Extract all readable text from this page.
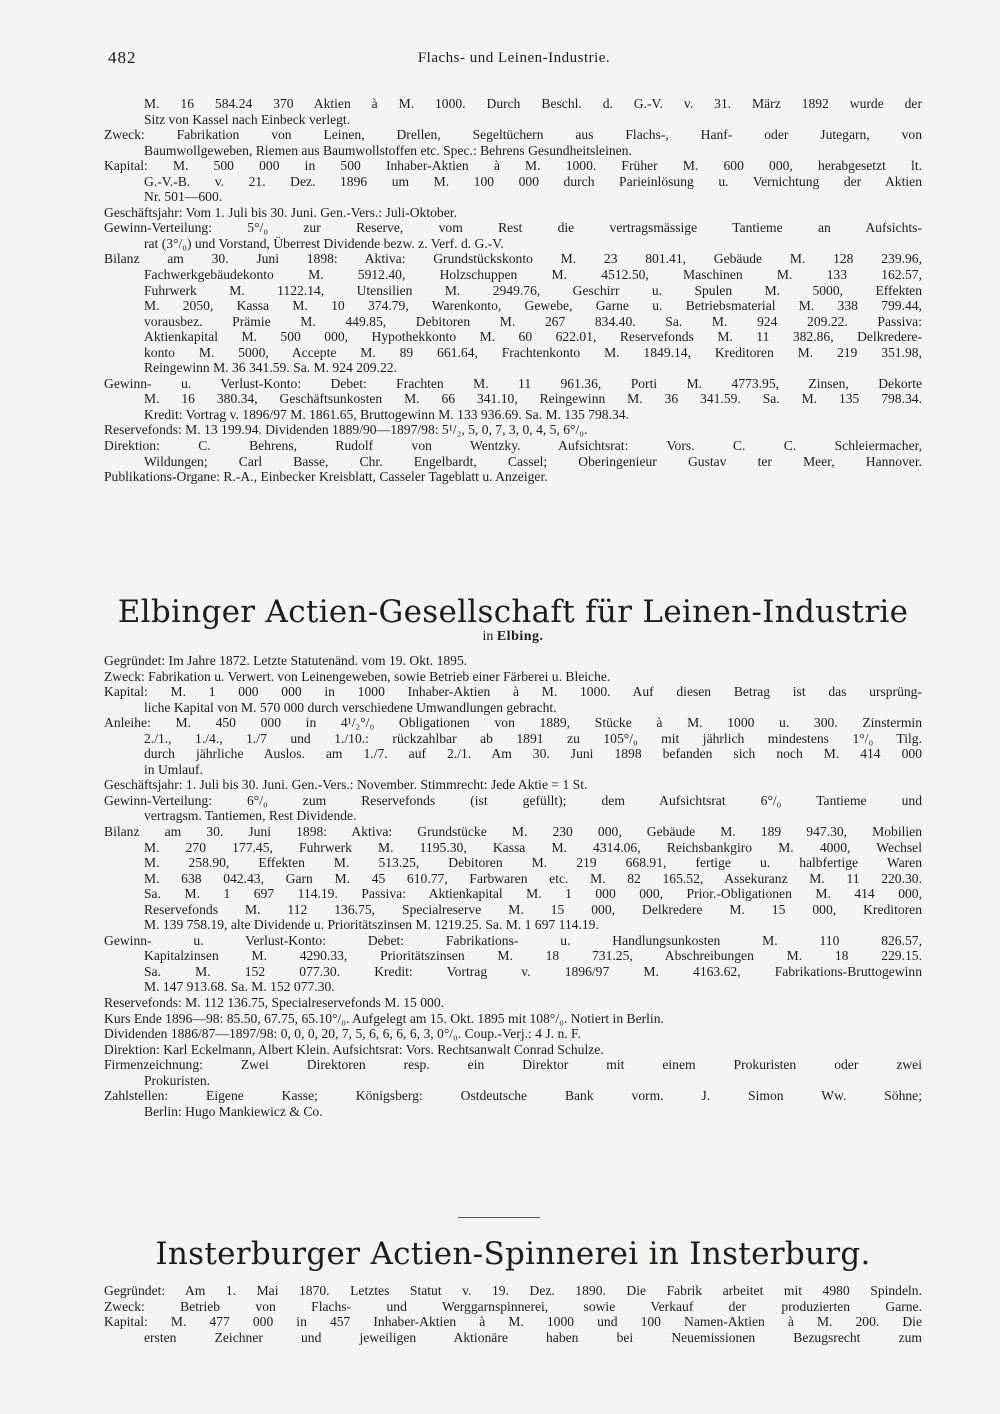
482	Flachs- und Leinen-Industrie.
M. 16 584.24 370 Aktien à M. 1000. Durch Beschl. d. G.-V. v. 31. März 1892 wurde der
Sitz von Kassel nach Einbeck verlegt.
Zweck: Fabrikation von Leinen, Drellen, Segeltüchern aus Flachs-, Hanf- oder Jutegarn, von
Baumwollgeweben, Riemen aus Baumwollstoffen etc. Spec.: Behrens Gesundheitsleinen.
Kapital: M. 500 000 in 500 Inhaber-Aktien à M. 1000. Früher M. 600 000, herabgesetzt lt.
G.-V.-B. v. 21. Dez. 1896 um M. 100 000 durch Parieinlösung u. Vernichtung der Aktien
Nr. 501—600.
Geschäftsjahr: Vom 1. Juli bis 30. Juni. Gen.-Vers.: Juli-Oktober.
Gewinn-Verteilung: 5°/₀ zur Reserve, vom Rest die vertragsmässige Tantieme an Aufsichts-
rat (3°/₀) und Vorstand, Überrest Dividende bezw. z. Verf. d. G.-V.
Bilanz am 30. Juni 1898: Aktiva: Grundstückskonto M. 23 801.41, Gebäude M. 128 239.96,
Fachwerkgebäudekonto M. 5912.40, Holzschuppen M. 4512.50, Maschinen M. 133 162.57,
Fuhrwerk M. 1122.14, Utensilien M. 2949.76, Geschirr u. Spulen M. 5000, Effekten
M. 2050, Kassa M. 10 374.79, Warenkonto, Gewebe, Garne u. Betriebsmaterial M. 338 799.44,
vorausbez. Prämie M. 449.85, Debitoren M. 267 834.40. Sa. M. 924 209.22. Passiva:
Aktienkapital M. 500 000, Hypothekkonto M. 60 622.01, Reservefonds M. 11 382.86, Delkredere-
konto M. 5000, Accepte M. 89 661.64, Frachtenkonto M. 1849.14, Kreditoren M. 219 351.98,
Reingewinn M. 36 341.59. Sa. M. 924 209.22.
Gewinn- u. Verlust-Konto: Debet: Frachten M. 11 961.36, Porti M. 4773.95, Zinsen, Dekorte
M. 16 380.34, Geschäftsunkosten M. 66 341.10, Reingewinn M. 36 341.59. Sa. M. 135 798.34.
Kredit: Vortrag v. 1896/97 M. 1861.65, Bruttogewinn M. 133 936.69. Sa. M. 135 798.34.
Reservefonds: M. 13 199.94. Dividenden 1889/90—1897/98: 5¹/₂, 5, 0, 7, 3, 0, 4, 5, 6°/₀.
Direktion: C. Behrens, Rudolf von Wentzky. Aufsichtsrat: Vors. C. C. Schleiermacher,
Wildungen; Carl Basse, Chr. Engelbardt, Cassel; Oberingenieur Gustav ter Meer, Hannover.
Publikations-Organe: R.-A., Einbecker Kreisblatt, Casseler Tageblatt u. Anzeiger.

Elbinger Actien-Gesellschaft für Leinen-Industrie

in Elbing.

Gegründet: Im Jahre 1872. Letzte Statutenänd. vom 19. Okt. 1895.
Zweck: Fabrikation u. Verwert. von Leinengeweben, sowie Betrieb einer Färberei u. Bleiche.
Kapital: M. 1 000 000 in 1000 Inhaber-Aktien à M. 1000. Auf diesen Betrag ist das ursprüng-
liche Kapital von M. 570 000 durch verschiedene Umwandlungen gebracht.
Anleihe: M. 450 000 in 4¹/₂°/₀ Obligationen von 1889, Stücke à M. 1000 u. 300. Zinstermin
2./1., 1./4., 1./7 und 1./10.: rückzahlbar ab 1891 zu 105°/₀ mit jährlich mindestens 1°/₀ Tilg.
durch jährliche Auslos. am 1./7. auf 2./1. Am 30. Juni 1898 befanden sich noch M. 414 000
in Umlauf.
Geschäftsjahr: 1. Juli bis 30. Juni. Gen.-Vers.: November. Stimmrecht: Jede Aktie = 1 St.
Gewinn-Verteilung: 6°/₀ zum Reservefonds (ist gefüllt); dem Aufsichtsrat 6°/₀ Tantieme und
vertragsm. Tantiemen, Rest Dividende.
Bilanz am 30. Juni 1898: Aktiva: Grundstücke M. 230 000, Gebäude M. 189 947.30, Mobilien
M. 270 177.45, Fuhrwerk M. 1195.30, Kassa M. 4314.06, Reichsbankgiro M. 4000, Wechsel
M. 258.90, Effekten M. 513.25, Debitoren M. 219 668.91, fertige u. halbfertige Waren
M. 638 042.43, Garn M. 45 610.77, Farbwaren etc. M. 82 165.52, Assekuranz M. 11 220.30.
Sa. M. 1 697 114.19. Passiva: Aktienkapital M. 1 000 000, Prior.-Obligationen M. 414 000,
Reservefonds M. 112 136.75, Specialreserve M. 15 000, Delkredere M. 15 000, Kreditoren
M. 139 758.19, alte Dividende u. Prioritätszinsen M. 1219.25. Sa. M. 1 697 114.19.
Gewinn- u. Verlust-Konto: Debet: Fabrikations- u. Handlungsunkosten M. 110 826.57,
Kapitalzinsen M. 4290.33, Prioritätszinsen M. 18 731.25, Abschreibungen M. 18 229.15.
Sa. M. 152 077.30. Kredit: Vortrag v. 1896/97 M. 4163.62, Fabrikations-Bruttogewinn
M. 147 913.68. Sa. M. 152 077.30.
Reservefonds: M. 112 136.75, Specialreservefonds M. 15 000.
Kurs Ende 1896—98: 85.50, 67.75, 65.10°/₀. Aufgelegt am 15. Okt. 1895 mit 108°/₀. Notiert in Berlin.
Dividenden 1886/87—1897/98: 0, 0, 0, 20, 7, 5, 6, 6, 6, 6, 3, 0°/₀. Coup.-Verj.: 4 J. n. F.
Direktion: Karl Eckelmann, Albert Klein. Aufsichtsrat: Vors. Rechtsanwalt Conrad Schulze.
Firmenzeichnung: Zwei Direktoren resp. ein Direktor mit einem Prokuristen oder zwei
Prokuristen.
Zahlstellen: Eigene Kasse; Königsberg: Ostdeutsche Bank vorm. J. Simon Ww. Söhne;
Berlin: Hugo Mankiewicz & Co.

Insterburger Actien-Spinnerei in Insterburg.

Gegründet: Am 1. Mai 1870. Letztes Statut v. 19. Dez. 1890. Die Fabrik arbeitet mit 4980 Spindeln.
Zweck: Betrieb von Flachs- und Werggarnspinnerei, sowie Verkauf der produzierten Garne.
Kapital: M. 477 000 in 457 Inhaber-Aktien à M. 1000 und 100 Namen-Aktien à M. 200. Die
ersten Zeichner und jeweiligen Aktionäre haben bei Neuemissionen Bezugsrecht zum
